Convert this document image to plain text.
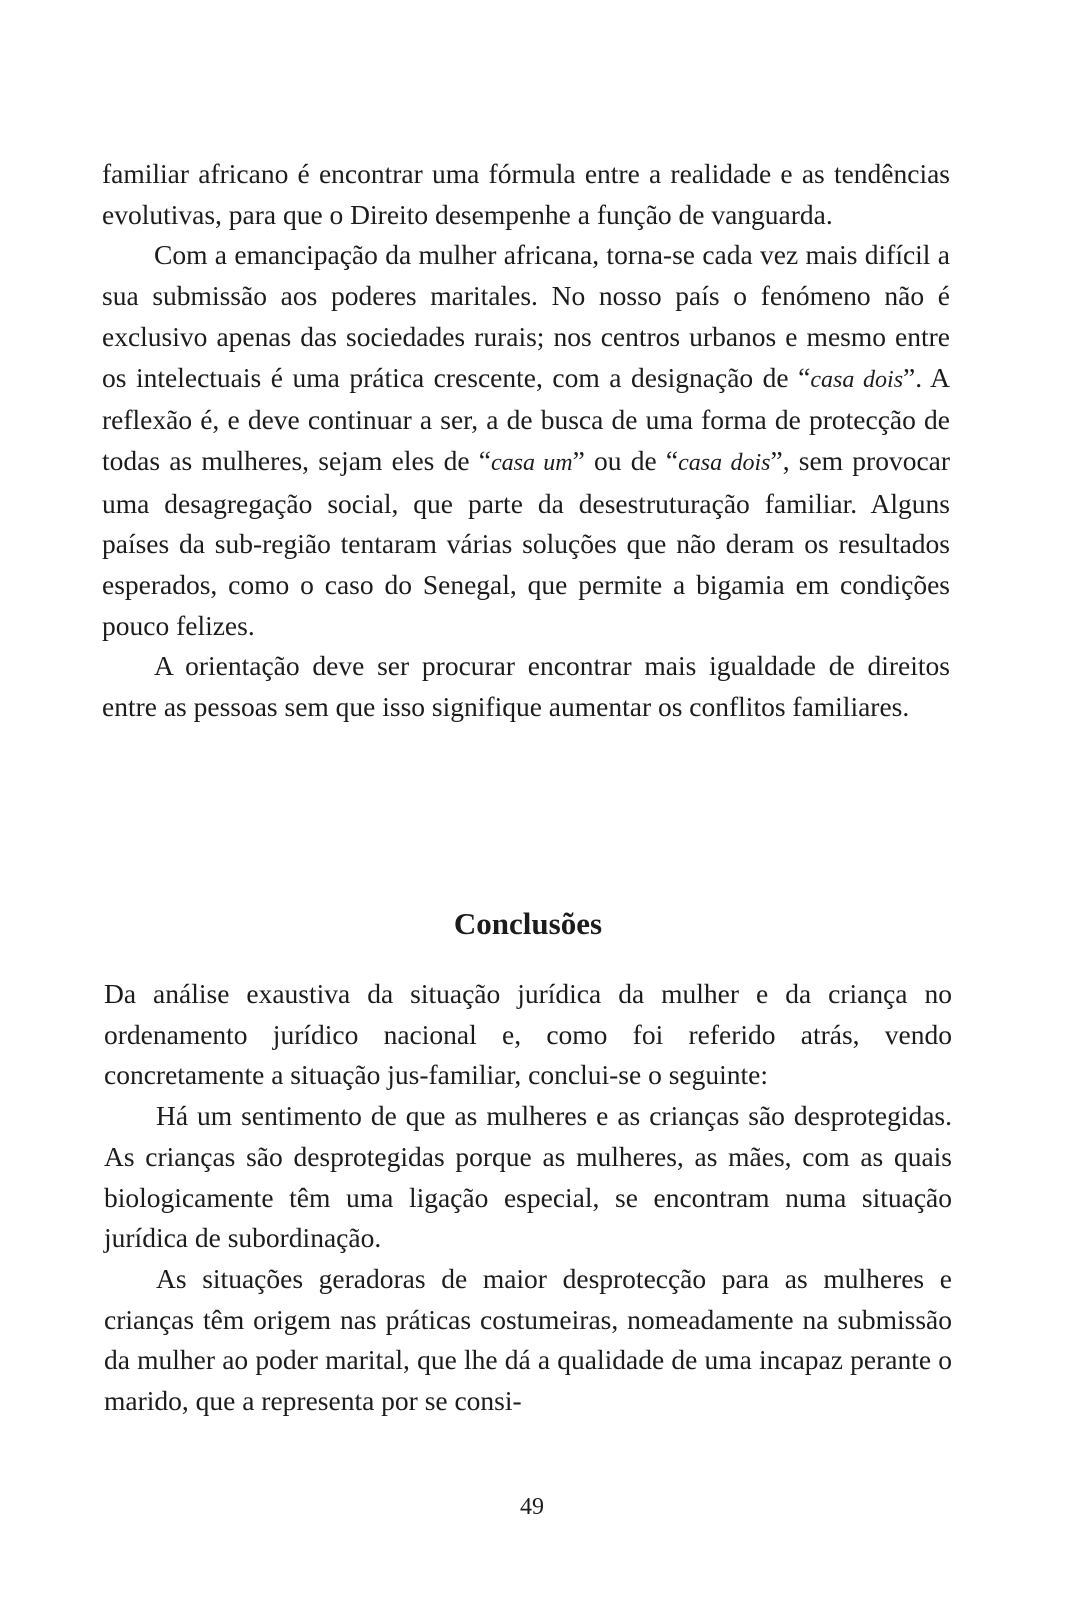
familiar africano é encontrar uma fórmula entre a realidade e as tendências evolutivas, para que o Direito desempenhe a função de vanguarda.

Com a emancipação da mulher africana, torna-se cada vez mais difícil a sua submissão aos poderes maritales. No nosso país o fenómeno não é exclusivo apenas das sociedades rurais; nos centros urbanos e mesmo entre os intelectuais é uma prática crescente, com a designação de “casa dois”. A reflexão é, e deve continuar a ser, a de busca de uma forma de protecção de todas as mulheres, sejam eles de “casa um” ou de “casa dois”, sem provocar uma desagregação social, que parte da desestruturação familiar. Alguns países da sub-região tentaram várias soluções que não deram os resultados esperados, como o caso do Senegal, que permite a bigamia em condições pouco felizes.

A orientação deve ser procurar encontrar mais igualdade de direitos entre as pessoas sem que isso signifique aumentar os conflitos familiares.

Conclusões

Da análise exaustiva da situação jurídica da mulher e da criança no ordenamento jurídico nacional e, como foi referido atrás, vendo concretamente a situação jus-familiar, conclui-se o seguinte:

Há um sentimento de que as mulheres e as crianças são desprotegidas. As crianças são desprotegidas porque as mulheres, as mães, com as quais biologicamente têm uma ligação especial, se encontram numa situação jurídica de subordinação.

As situações geradoras de maior desprotecção para as mulheres e crianças têm origem nas práticas costumeiras, nomeadamente na submissão da mulher ao poder marital, que lhe dá a qualidade de uma incapaz perante o marido, que a representa por se consi-

49
